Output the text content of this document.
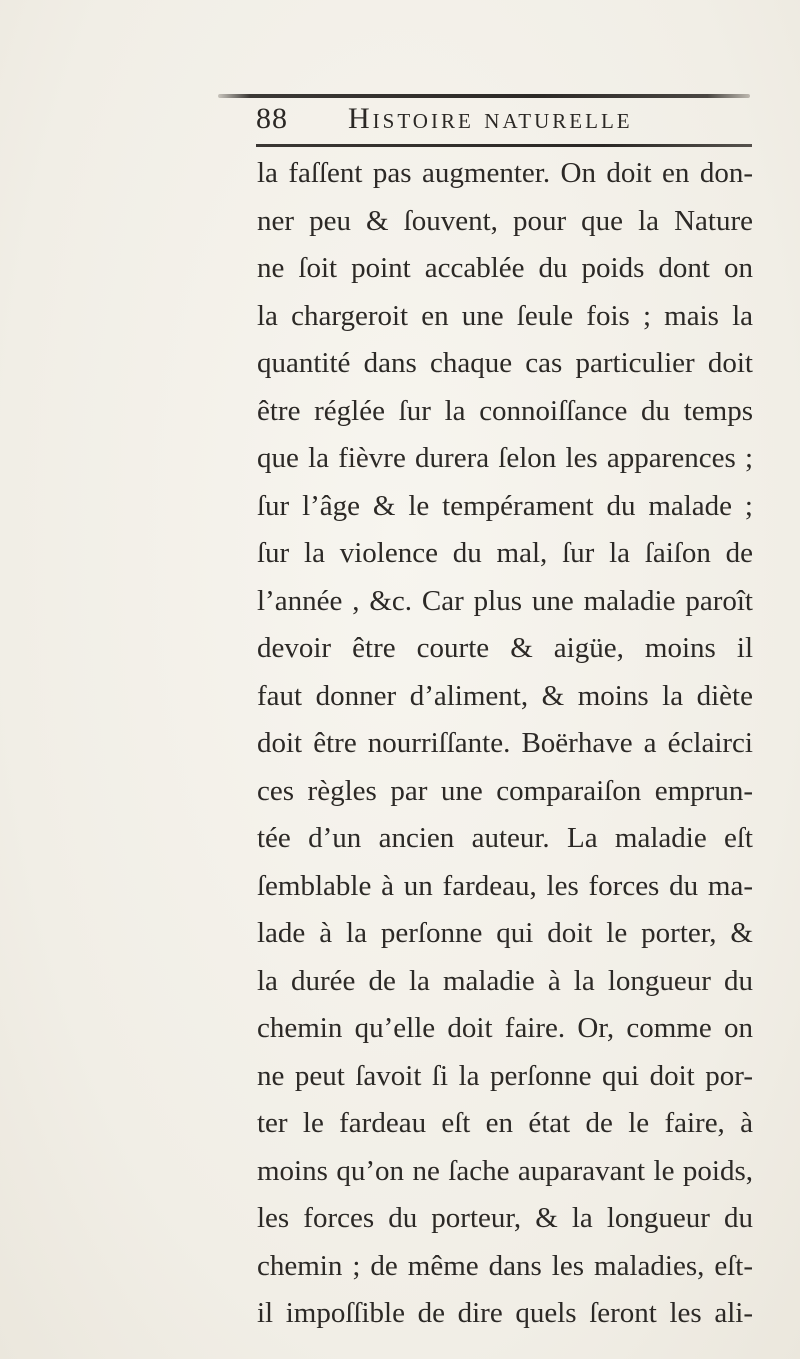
88	Histoire naturelle
la faſſent pas augmenter. On doit en don-
ner peu & ſouvent, pour que la Nature
ne ſoit point accablée du poids dont on
la chargeroit en une ſeule fois ; mais la
quantité dans chaque cas particulier doit
être réglée ſur la connoiſſance du temps
que la fièvre durera ſelon les apparences ;
ſur l’âge & le tempérament du malade ;
ſur la violence du mal, ſur la ſaiſon de
l’année , &c. Car plus une maladie paroît
devoir être courte & aigüe, moins il
faut donner d’aliment, & moins la diète
doit être nourriſſante. Boërhave a éclairci
ces règles par une comparaiſon emprun-
tée d’un ancien auteur. La maladie eſt
ſemblable à un fardeau, les forces du ma-
lade à la perſonne qui doit le porter, &
la durée de la maladie à la longueur du
chemin qu’elle doit faire. Or, comme on
ne peut ſavoit ſi la perſonne qui doit por-
ter le fardeau eſt en état de le faire, à
moins qu’on ne ſache auparavant le poids,
les forces du porteur, & la longueur du
chemin ; de même dans les maladies, eſt-
il impoſſible de dire quels ſeront les ali-
